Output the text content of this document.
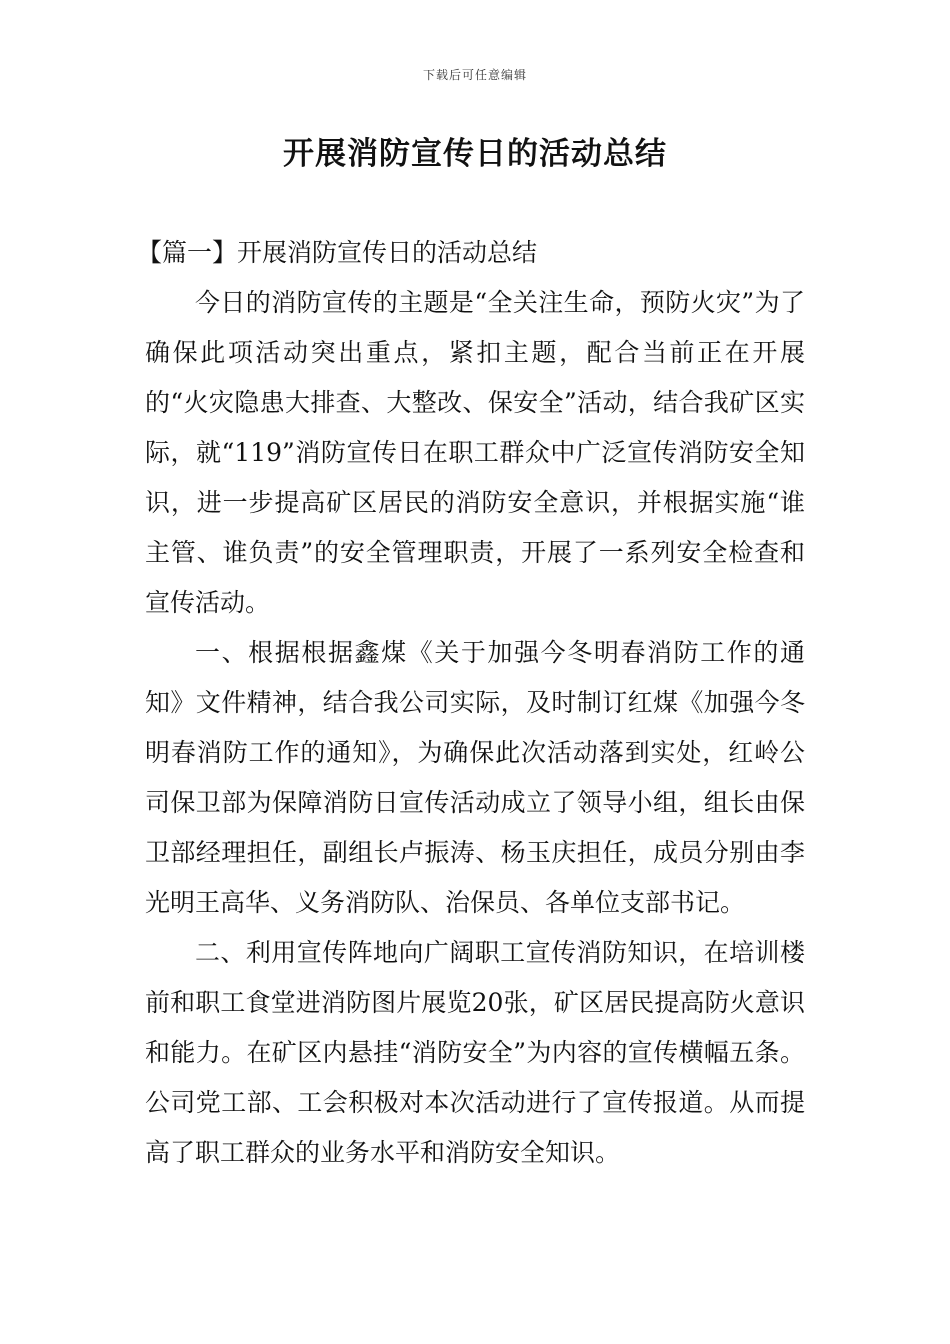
下载后可任意编辑
开展消防宣传日的活动总结

【篇一】开展消防宣传日的活动总结

今日的消防宣传的主题是“全关注生命，预防火灾”为了确保此项活动突出重点，紧扣主题，配合当前正在开展的“火灾隐患大排查、大整改、保安全”活动，结合我矿区实际，就“119”消防宣传日在职工群众中广泛宣传消防安全知识，进一步提高矿区居民的消防安全意识，并根据实施“谁主管、谁负责”的安全管理职责，开展了一系列安全检查和宣传活动。

一、根据根据鑫煤《关于加强今冬明春消防工作的通知》文件精神，结合我公司实际，及时制订红煤《加强今冬明春消防工作的通知》，为确保此次活动落到实处，红岭公司保卫部为保障消防日宣传活动成立了领导小组，组长由保卫部经理担任，副组长卢振涛、杨玉庆担任，成员分别由李光明王高华、义务消防队、治保员、各单位支部书记。

二、利用宣传阵地向广阔职工宣传消防知识，在培训楼前和职工食堂进消防图片展览20张，矿区居民提高防火意识和能力。在矿区内悬挂“消防安全”为内容的宣传横幅五条。公司党工部、工会积极对本次活动进行了宣传报道。从而提高了职工群众的业务水平和消防安全知识。
